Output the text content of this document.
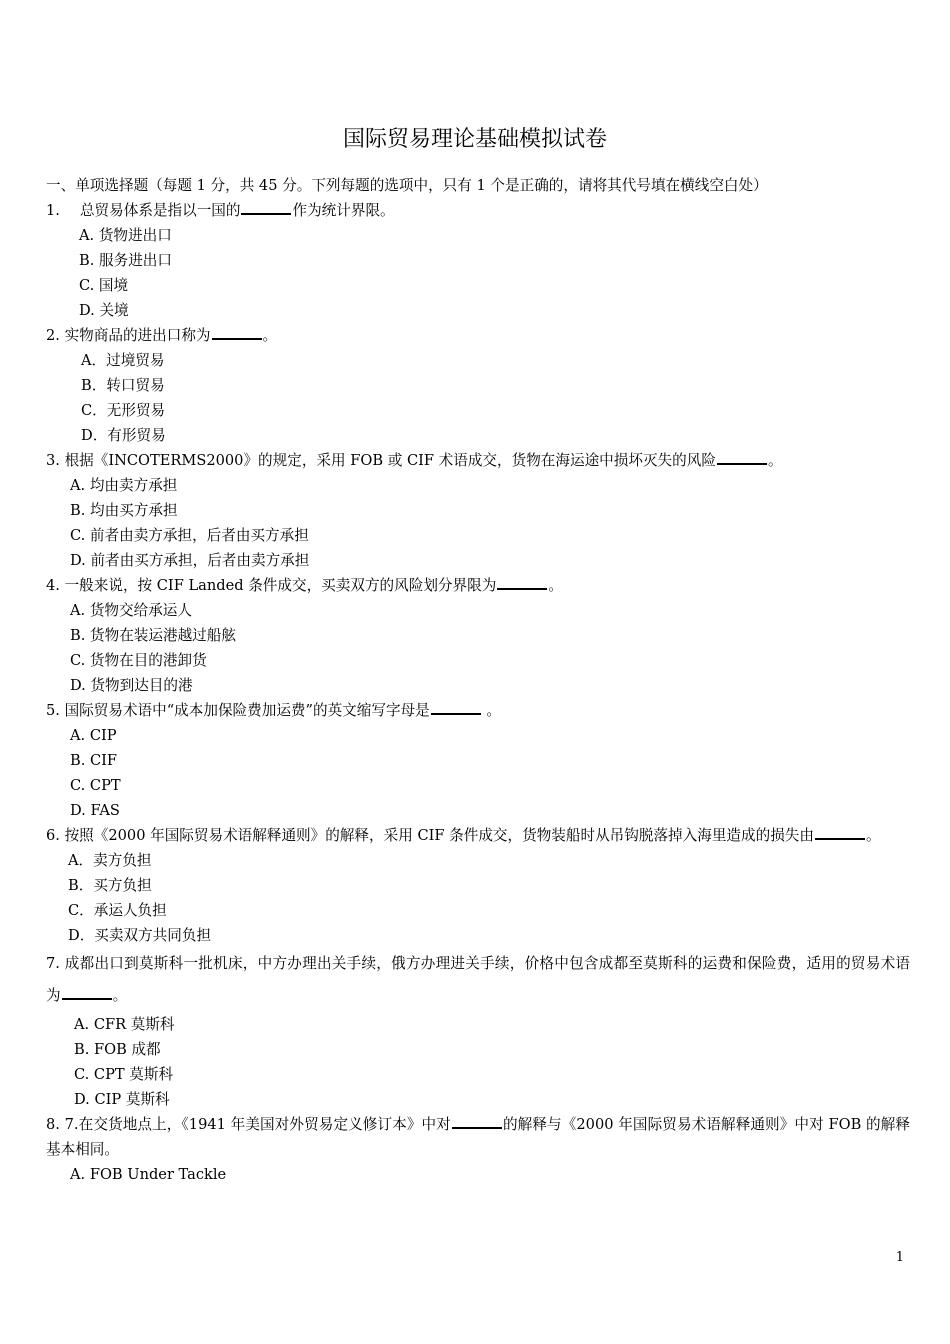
国际贸易理论基础模拟试卷
一、单项选择题（每题 1 分，共 45 分。下列每题的选项中，只有 1 个是正确的，请将其代号填在横线空白处）
1. 总贸易体系是指以一国的	作为统计界限。
A. 货物进出口
B. 服务进出口
C. 国境
D. 关境
2. 实物商品的进出口称为	。
A．过境贸易
B．转口贸易
C．无形贸易
D．有形贸易
3. 根据《INCOTERMS2000》的规定，采用 FOB 或 CIF 术语成交，货物在海运途中损坏灭失的风险	。
A. 均由卖方承担
B. 均由买方承担
C. 前者由卖方承担，后者由买方承担
D. 前者由买方承担，后者由卖方承担
4. 一般来说，按 CIF Landed 条件成交，买卖双方的风险划分界限为	。
A. 货物交给承运人
B. 货物在装运港越过船舷
C. 货物在目的港卸货
D. 货物到达目的港
5. 国际贸易术语中“成本加保险费加运费”的英文缩写字母是	。
A. CIP
B. CIF
C. CPT
D. FAS
6. 按照《2000 年国际贸易术语解释通则》的解释，采用 CIF 条件成交，货物装船时从吊钩脱落掉入海里造成的损失由	。
A．卖方负担
B．买方负担
C．承运人负担
D．买卖双方共同负担
7. 成都出口到莫斯科一批机床，中方办理出关手续，俄方办理进关手续，价格中包含成都至莫斯科的运费和保险费，适用的贸易术语为	。
A. CFR 莫斯科
B. FOB 成都
C. CPT 莫斯科
D. CIP 莫斯科
8. 7.在交货地点上，《1941 年美国对外贸易定义修订本》中对	的解释与《2000 年国际贸易术语解释通则》中对 FOB 的解释基本相同。
A. FOB Under Tackle
1
